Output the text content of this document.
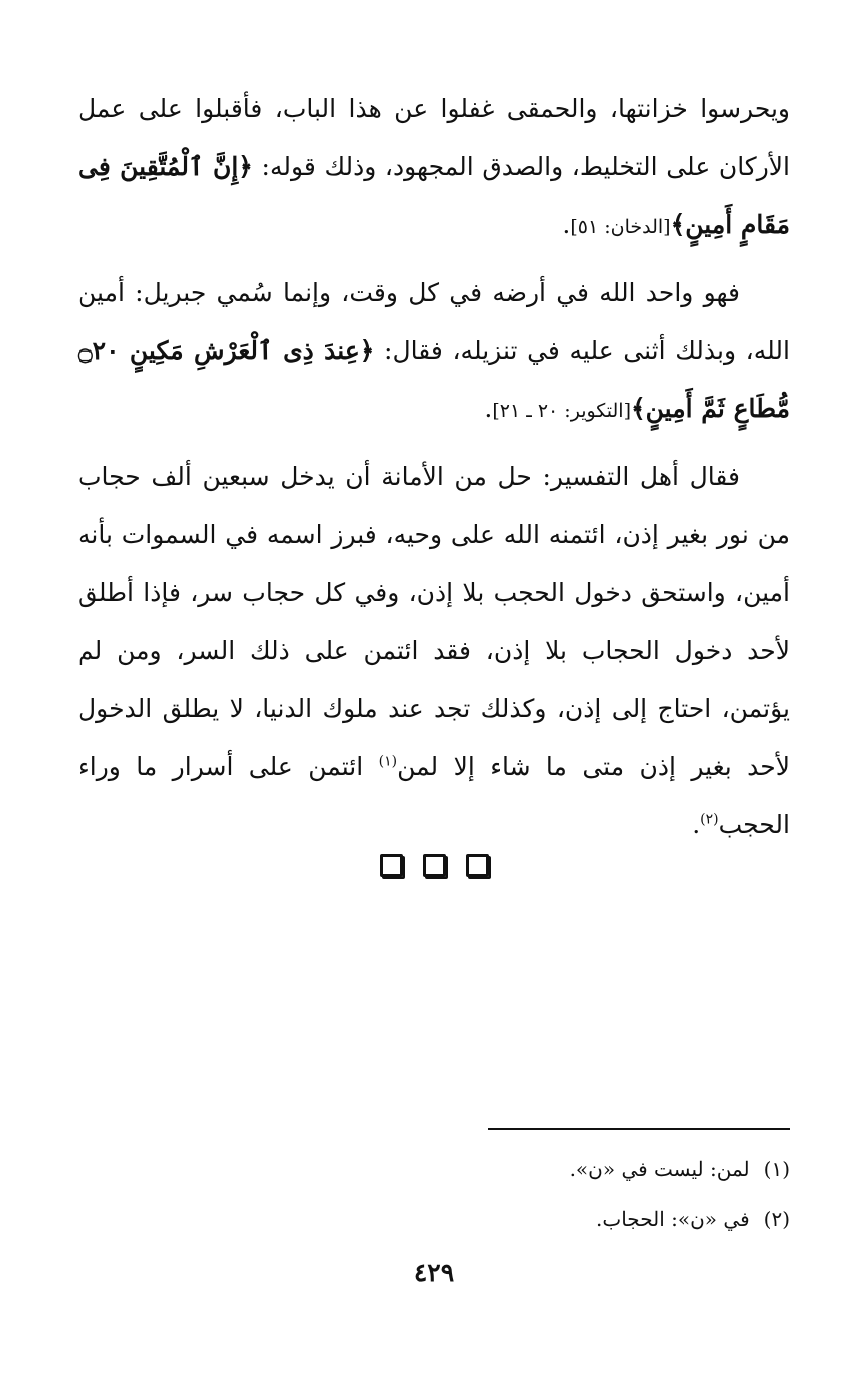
ويحرسوا خزانتها، والحمقى غفلوا عن هذا الباب، فأقبلوا على عمل الأركان على التخليط، والصدق المجهود، وذلك قوله: ﴿إِنَّ ٱلْمُتَّقِينَ فِى مَقَامٍ أَمِينٍ﴾[الدخان: ٥١].

فهو واحد الله في أرضه في كل وقت، وإنما سُمي جبريل: أمين الله، وبذلك أثنى عليه في تنزيله، فقال: ﴿عِندَ ذِى ٱلْعَرْشِ مَكِينٍ ۝٢٠ مُّطَاعٍ ثَمَّ أَمِينٍ﴾[التكوير: ٢٠ ـ ٢١].

فقال أهل التفسير: حل من الأمانة أن يدخل سبعين ألف حجاب من نور بغير إذن، ائتمنه الله على وحيه، فبرز اسمه في السموات بأنه أمين، واستحق دخول الحجب بلا إذن، وفي كل حجاب سر، فإذا أطلق لأحد دخول الحجاب بلا إذن، فقد ائتمن على ذلك السر، ومن لم يؤتمن، احتاج إلى إذن، وكذلك تجد عند ملوك الدنيا، لا يطلق الدخول لأحد بغير إذن متى ما شاء إلا لمن$^{(١)}$ ائتمن على أسرار ما وراء الحجب$^{(٢)}$.

(١)لمن: ليست في «ن».
(٢)في «ن»: الحجاب.
٤٢٩
